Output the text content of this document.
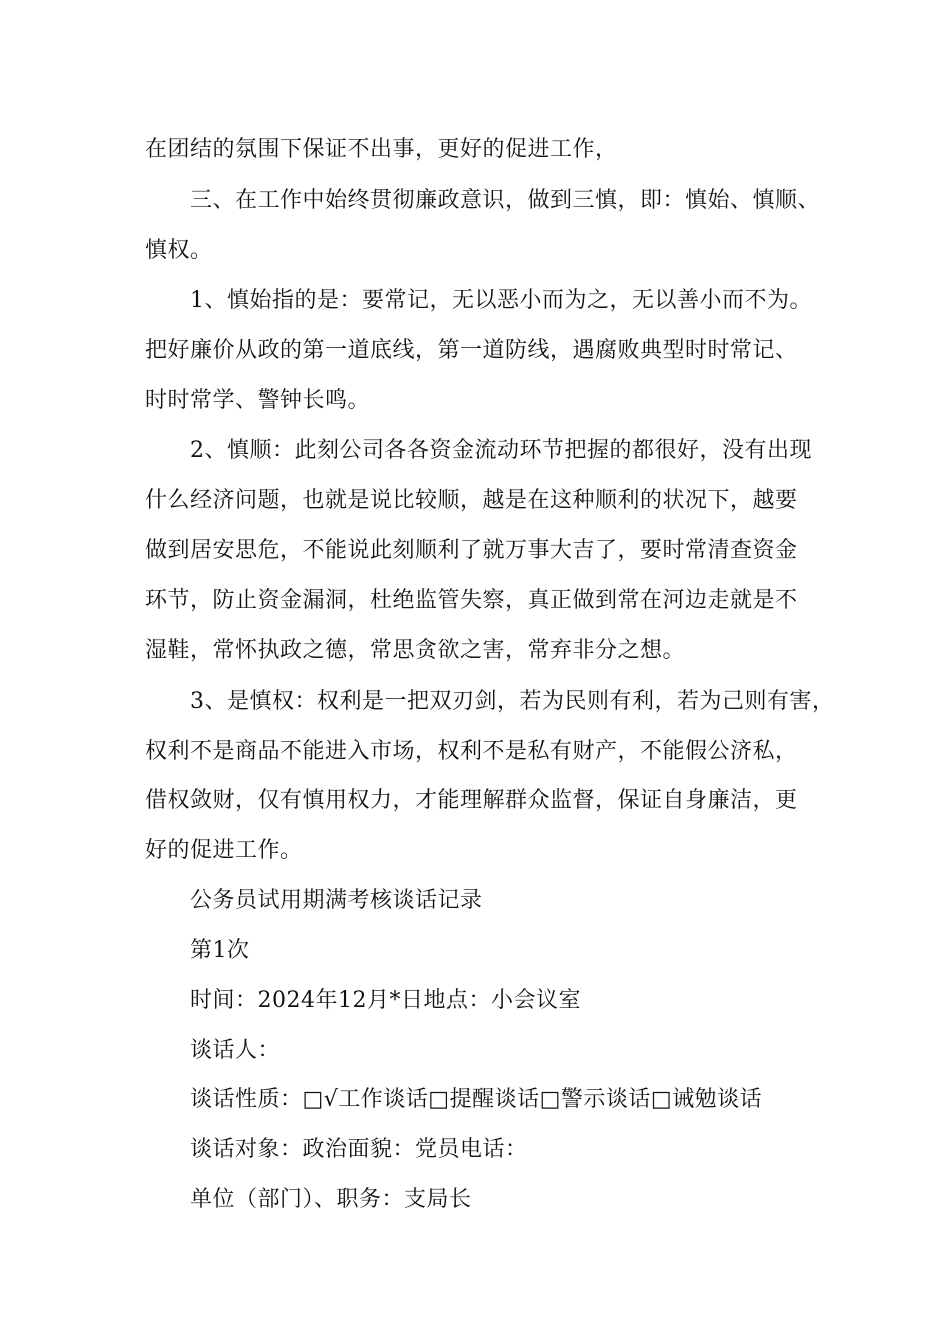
在团结的氛围下保证不出事，更好的促进工作，
三、在工作中始终贯彻廉政意识，做到三慎，即：慎始、慎顺、
慎权。
1、慎始指的是：要常记，无以恶小而为之，无以善小而不为。
把好廉价从政的第一道底线，第一道防线，遇腐败典型时时常记、
时时常学、警钟长鸣。
2、慎顺：此刻公司各各资金流动环节把握的都很好，没有出现
什么经济问题，也就是说比较顺，越是在这种顺利的状况下，越要
做到居安思危，不能说此刻顺利了就万事大吉了，要时常清查资金
环节，防止资金漏洞，杜绝监管失察，真正做到常在河边走就是不
湿鞋，常怀执政之德，常思贪欲之害，常弃非分之想。
3、是慎权：权利是一把双刃剑，若为民则有利，若为己则有害，
权利不是商品不能进入市场，权利不是私有财产，不能假公济私，
借权敛财，仅有慎用权力，才能理解群众监督，保证自身廉洁，更
好的促进工作。
公务员试用期满考核谈话记录
第1次
时间：2024年12月*日地点：小会议室
谈话人：
谈话性质：□√工作谈话□提醒谈话□警示谈话□诫勉谈话
谈话对象：政治面貌：党员电话：
单位（部门）、职务：支局长
